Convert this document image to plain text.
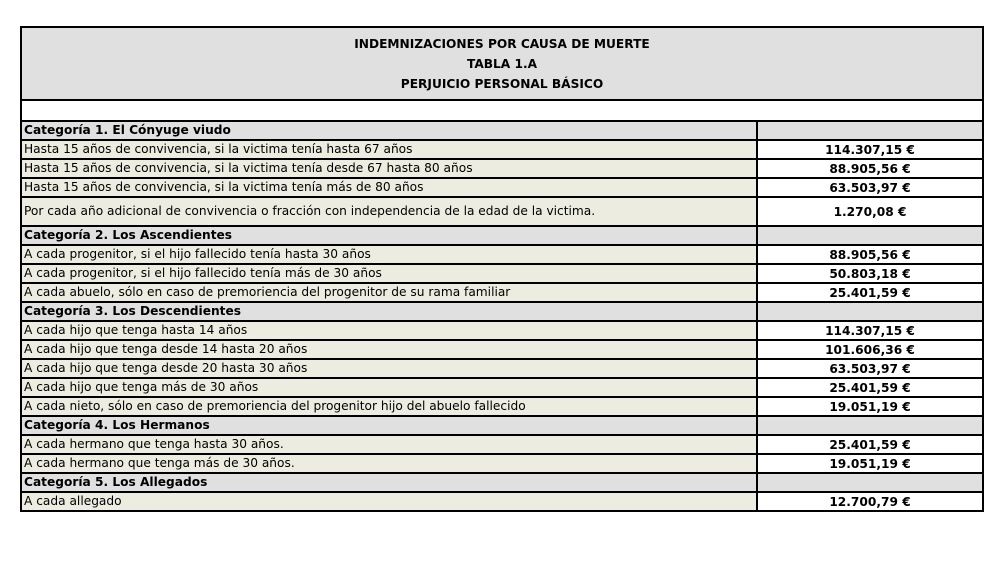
INDEMNIZACIONES POR CAUSA DE MUERTE
TABLA 1.A
PERJUICIO PERSONAL BÁSICO
Categoría 1. El Cónyuge viudo
Hasta 15 años de convivencia, si la victima tenía hasta 67 años	114.307,15 €
Hasta 15 años de convivencia, si la victima tenía desde 67 hasta 80 años	88.905,56 €
Hasta 15 años de convivencia, si la victima tenía más de 80 años	63.503,97 €
Por cada año adicional de convivencia o fracción con independencia de la edad de la victima.	1.270,08 €
Categoría 2. Los Ascendientes
A cada progenitor, si el hijo fallecido tenía hasta 30 años	88.905,56 €
A cada progenitor, si el hijo fallecido tenía más de 30 años	50.803,18 €
A cada abuelo, sólo en caso de premoriencia del progenitor de su rama familiar	25.401,59 €
Categoría 3. Los Descendientes
A cada hijo que tenga hasta 14 años	114.307,15 €
A cada hijo que tenga desde 14 hasta 20 años	101.606,36 €
A cada hijo que tenga desde 20 hasta 30 años	63.503,97 €
A cada hijo que tenga más de 30 años	25.401,59 €
A cada nieto, sólo en caso de premoriencia del progenitor hijo del abuelo fallecido	19.051,19 €
Categoría 4. Los Hermanos
A cada hermano que tenga hasta 30 años.	25.401,59 €
A cada hermano que tenga más de 30 años.	19.051,19 €
Categoría 5. Los Allegados
A cada allegado	12.700,79 €
